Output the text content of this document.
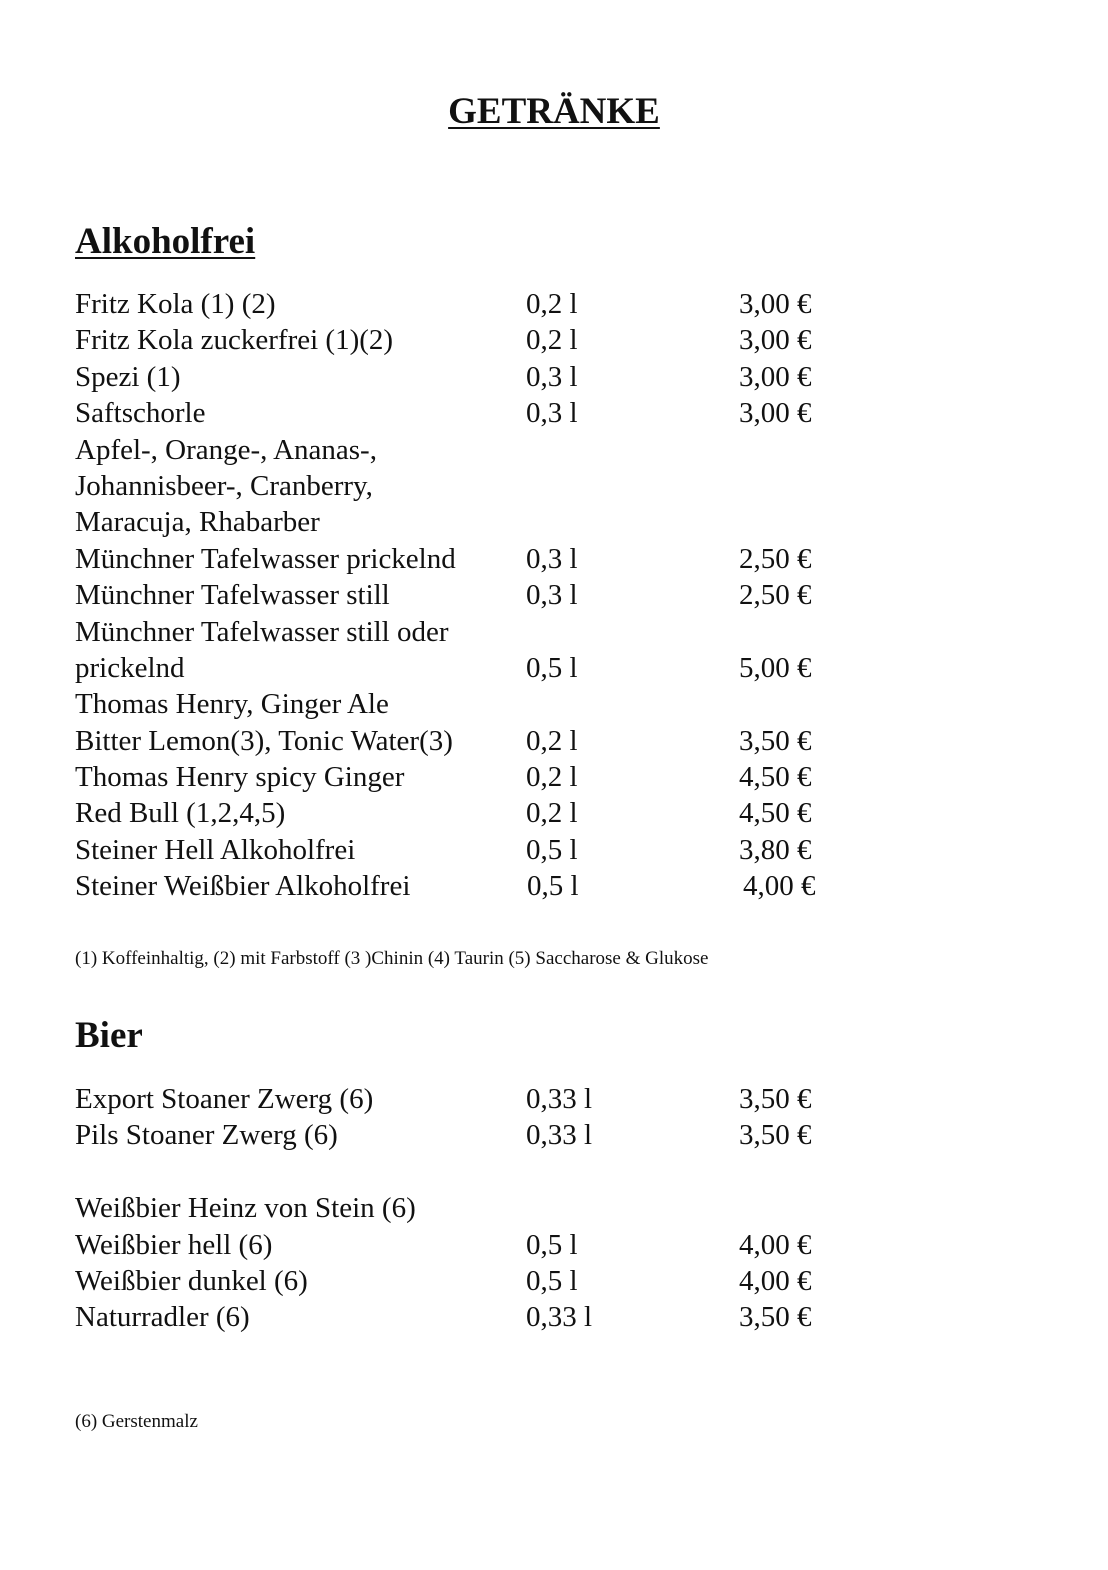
GETRÄNKE
Alkoholfrei
Fritz Kola (1) (2)	0,2 l	3,00 €
Fritz Kola zuckerfrei (1)(2)	0,2 l	3,00 €
Spezi (1)	0,3 l	3,00 €
Saftschorle	0,3 l	3,00 €
Apfel-, Orange-, Ananas-,
Johannisbeer-, Cranberry,
Maracuja, Rhabarber
Münchner Tafelwasser prickelnd 0,3 l	2,50 €
Münchner Tafelwasser still	0,3 l	2,50 €
Münchner Tafelwasser still oder
prickelnd	0,5 l	5,00 €
Thomas Henry, Ginger Ale
Bitter Lemon(3), Tonic Water(3)	0,2 l	3,50 €
Thomas Henry spicy Ginger	0,2 l	4,50 €
Red Bull (1,2,4,5)	0,2 l	4,50 €
Steiner Hell Alkoholfrei	0,5 l	3,80 €
Steiner Weißbier Alkoholfrei	0,5 l	4,00 €
(1) Koffeinhaltig, (2) mit Farbstoff (3 )Chinin (4) Taurin (5) Saccharose & Glukose
Bier
Export Stoaner Zwerg (6)	0,33 l	3,50 €
Pils Stoaner Zwerg (6)	0,33 l	3,50 €
Weißbier Heinz von Stein (6)
Weißbier hell (6)	0,5 l	4,00 €
Weißbier dunkel (6)	0,5 l	4,00 €
Naturradler (6)	0,33 l	3,50 €
(6) Gerstenmalz
